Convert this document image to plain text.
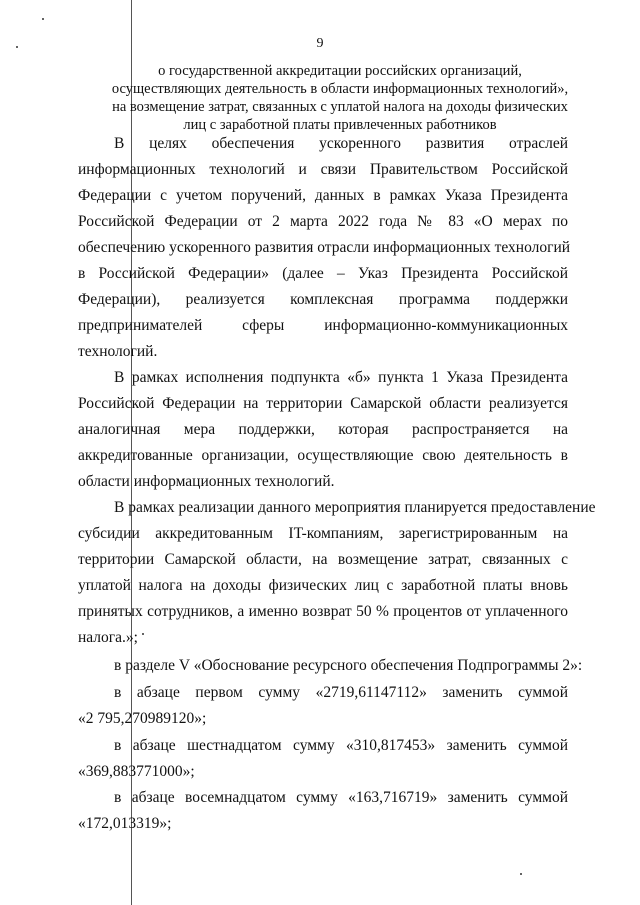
9
о государственной аккредитации российских организаций,
осуществляющих деятельность в области информационных технологий»,
на возмещение затрат, связанных с уплатой налога на доходы физических
лиц с заработной платы привлеченных работников
В целях обеспечения ускоренного развития отраслей
информационных технологий и связи Правительством Российской
Федерации с учетом поручений, данных в рамках Указа Президента
Российской Федерации от 2 марта 2022 года № 83 «О мерах по
обеспечению ускоренного развития отрасли информационных технологий
в Российской Федерации» (далее – Указ Президента Российской
Федерации), реализуется комплексная программа поддержки
предпринимателей сферы информационно-коммуникационных
технологий.
В рамках исполнения подпункта «б» пункта 1 Указа Президента
Российской Федерации на территории Самарской области реализуется
аналогичная мера поддержки, которая распространяется на
аккредитованные организации, осуществляющие свою деятельность в
области информационных технологий.
В рамках реализации данного мероприятия планируется предоставление
субсидии аккредитованным IT-компаниям, зарегистрированным на
территории Самарской области, на возмещение затрат, связанных с
уплатой налога на доходы физических лиц с заработной платы вновь
принятых сотрудников, а именно возврат 50 % процентов от уплаченного
налога.»;
в разделе V «Обоснование ресурсного обеспечения Подпрограммы 2»:
в абзаце первом сумму «2719,61147112» заменить суммой
«2 795,270989120»;
в абзаце шестнадцатом сумму «310,817453» заменить суммой
«369,883771000»;
в абзаце восемнадцатом сумму «163,716719» заменить суммой
«172,013319»;
